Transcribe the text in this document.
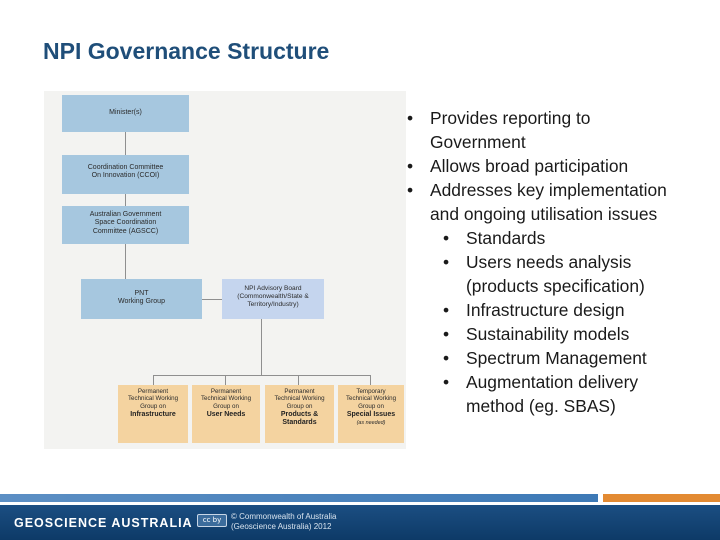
NPI Governance Structure
Minister(s)
Coordination Committee
On Innovation (CCOI)
Australian Government
Space Coordination
Committee (AGSCC)
PNT
Working Group
NPI Advisory Board
(Commonwealth/State &
Territory/Industry)
Permanent
Technical Working
Group on
Infrastructure
Permanent
Technical Working
Group on
User Needs
Permanent
Technical Working
Group on
Products & Standards
Temporary
Technical Working
Group on
Special Issues
(as needed)
• Provides reporting to
Government
• Allows broad participation
• Addresses key implementation
and ongoing utilisation issues
• Standards
• Users needs analysis
(products specification)
• Infrastructure design
• Sustainability models
• Spectrum Management
• Augmentation delivery
method (eg. SBAS)
GEOSCIENCE AUSTRALIA	cc by	© Commonwealth of Australia
(Geoscience Australia) 2012
